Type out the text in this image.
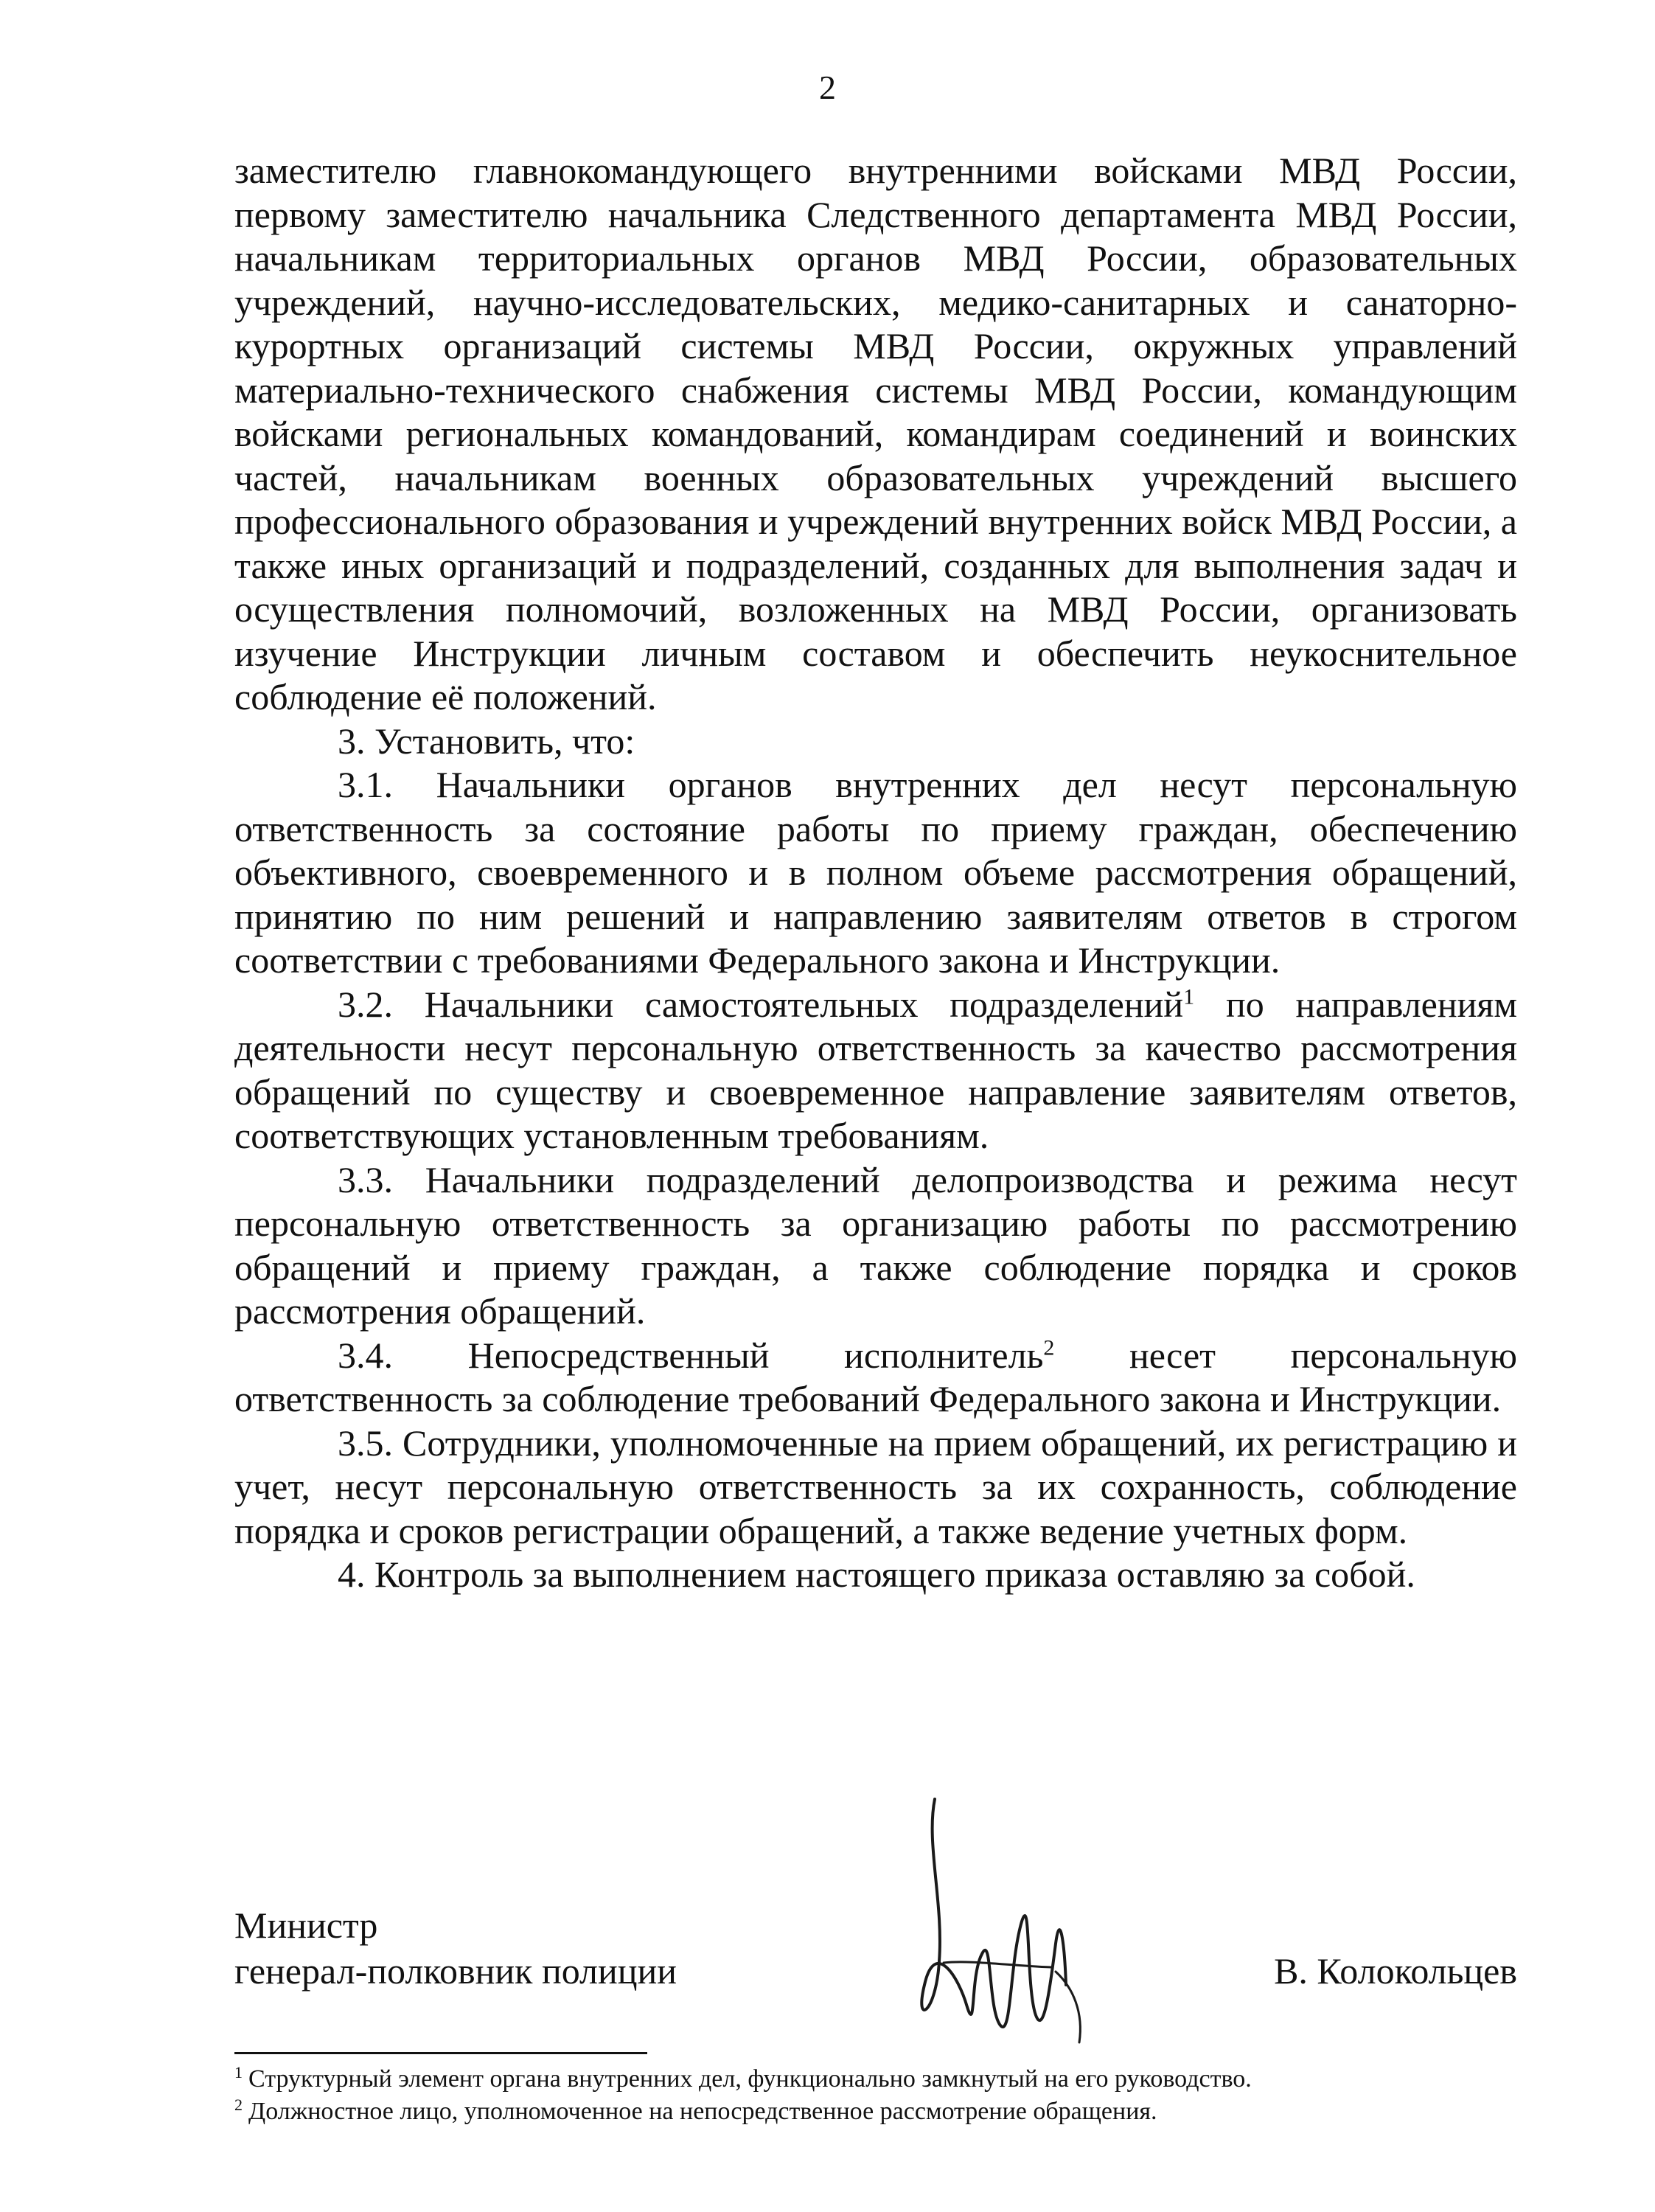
2

заместителю главнокомандующего внутренними войсками МВД России, первому заместителю начальника Следственного департамента МВД России, начальникам территориальных органов МВД России, образовательных учреждений, научно-исследовательских, медико-санитарных и санаторно-курортных организаций системы МВД России, окружных управлений материально-технического снабжения системы МВД России, командующим войсками региональных командований, командирам соединений и воинских частей, начальникам военных образовательных учреждений высшего профессионального образования и учреждений внутренних войск МВД России, а также иных организаций и подразделений, созданных для выполнения задач и осуществления полномочий, возложенных на МВД России, организовать изучение Инструкции личным составом и обеспечить неукоснительное соблюдение её положений.

3. Установить, что:

3.1. Начальники органов внутренних дел несут персональную ответственность за состояние работы по приему граждан, обеспечению объективного, своевременного и в полном объеме рассмотрения обращений, принятию по ним решений и направлению заявителям ответов в строгом соответствии с требованиями Федерального закона и Инструкции.

3.2. Начальники самостоятельных подразделений$^1$ по направлениям деятельности несут персональную ответственность за качество рассмотрения обращений по существу и своевременное направление заявителям ответов, соответствующих установленным требованиям.

3.3. Начальники подразделений делопроизводства и режима несут персональную ответственность за организацию работы по рассмотрению обращений и приему граждан, а также соблюдение порядка и сроков рассмотрения обращений.

3.4. Непосредственный исполнитель$^2$ несет персональную ответственность за соблюдение требований Федерального закона и Инструкции.

3.5. Сотрудники, уполномоченные на прием обращений, их регистрацию и учет, несут персональную ответственность за их сохранность, соблюдение порядка и сроков регистрации обращений, а также ведение учетных форм.

4. Контроль за выполнением настоящего приказа оставляю за собой.

Министр
генерал-полковник полиции	В. Колокольцев

$^1$ Структурный элемент органа внутренних дел, функционально замкнутый на его руководство.

$^2$ Должностное лицо, уполномоченное на непосредственное рассмотрение обращения.
